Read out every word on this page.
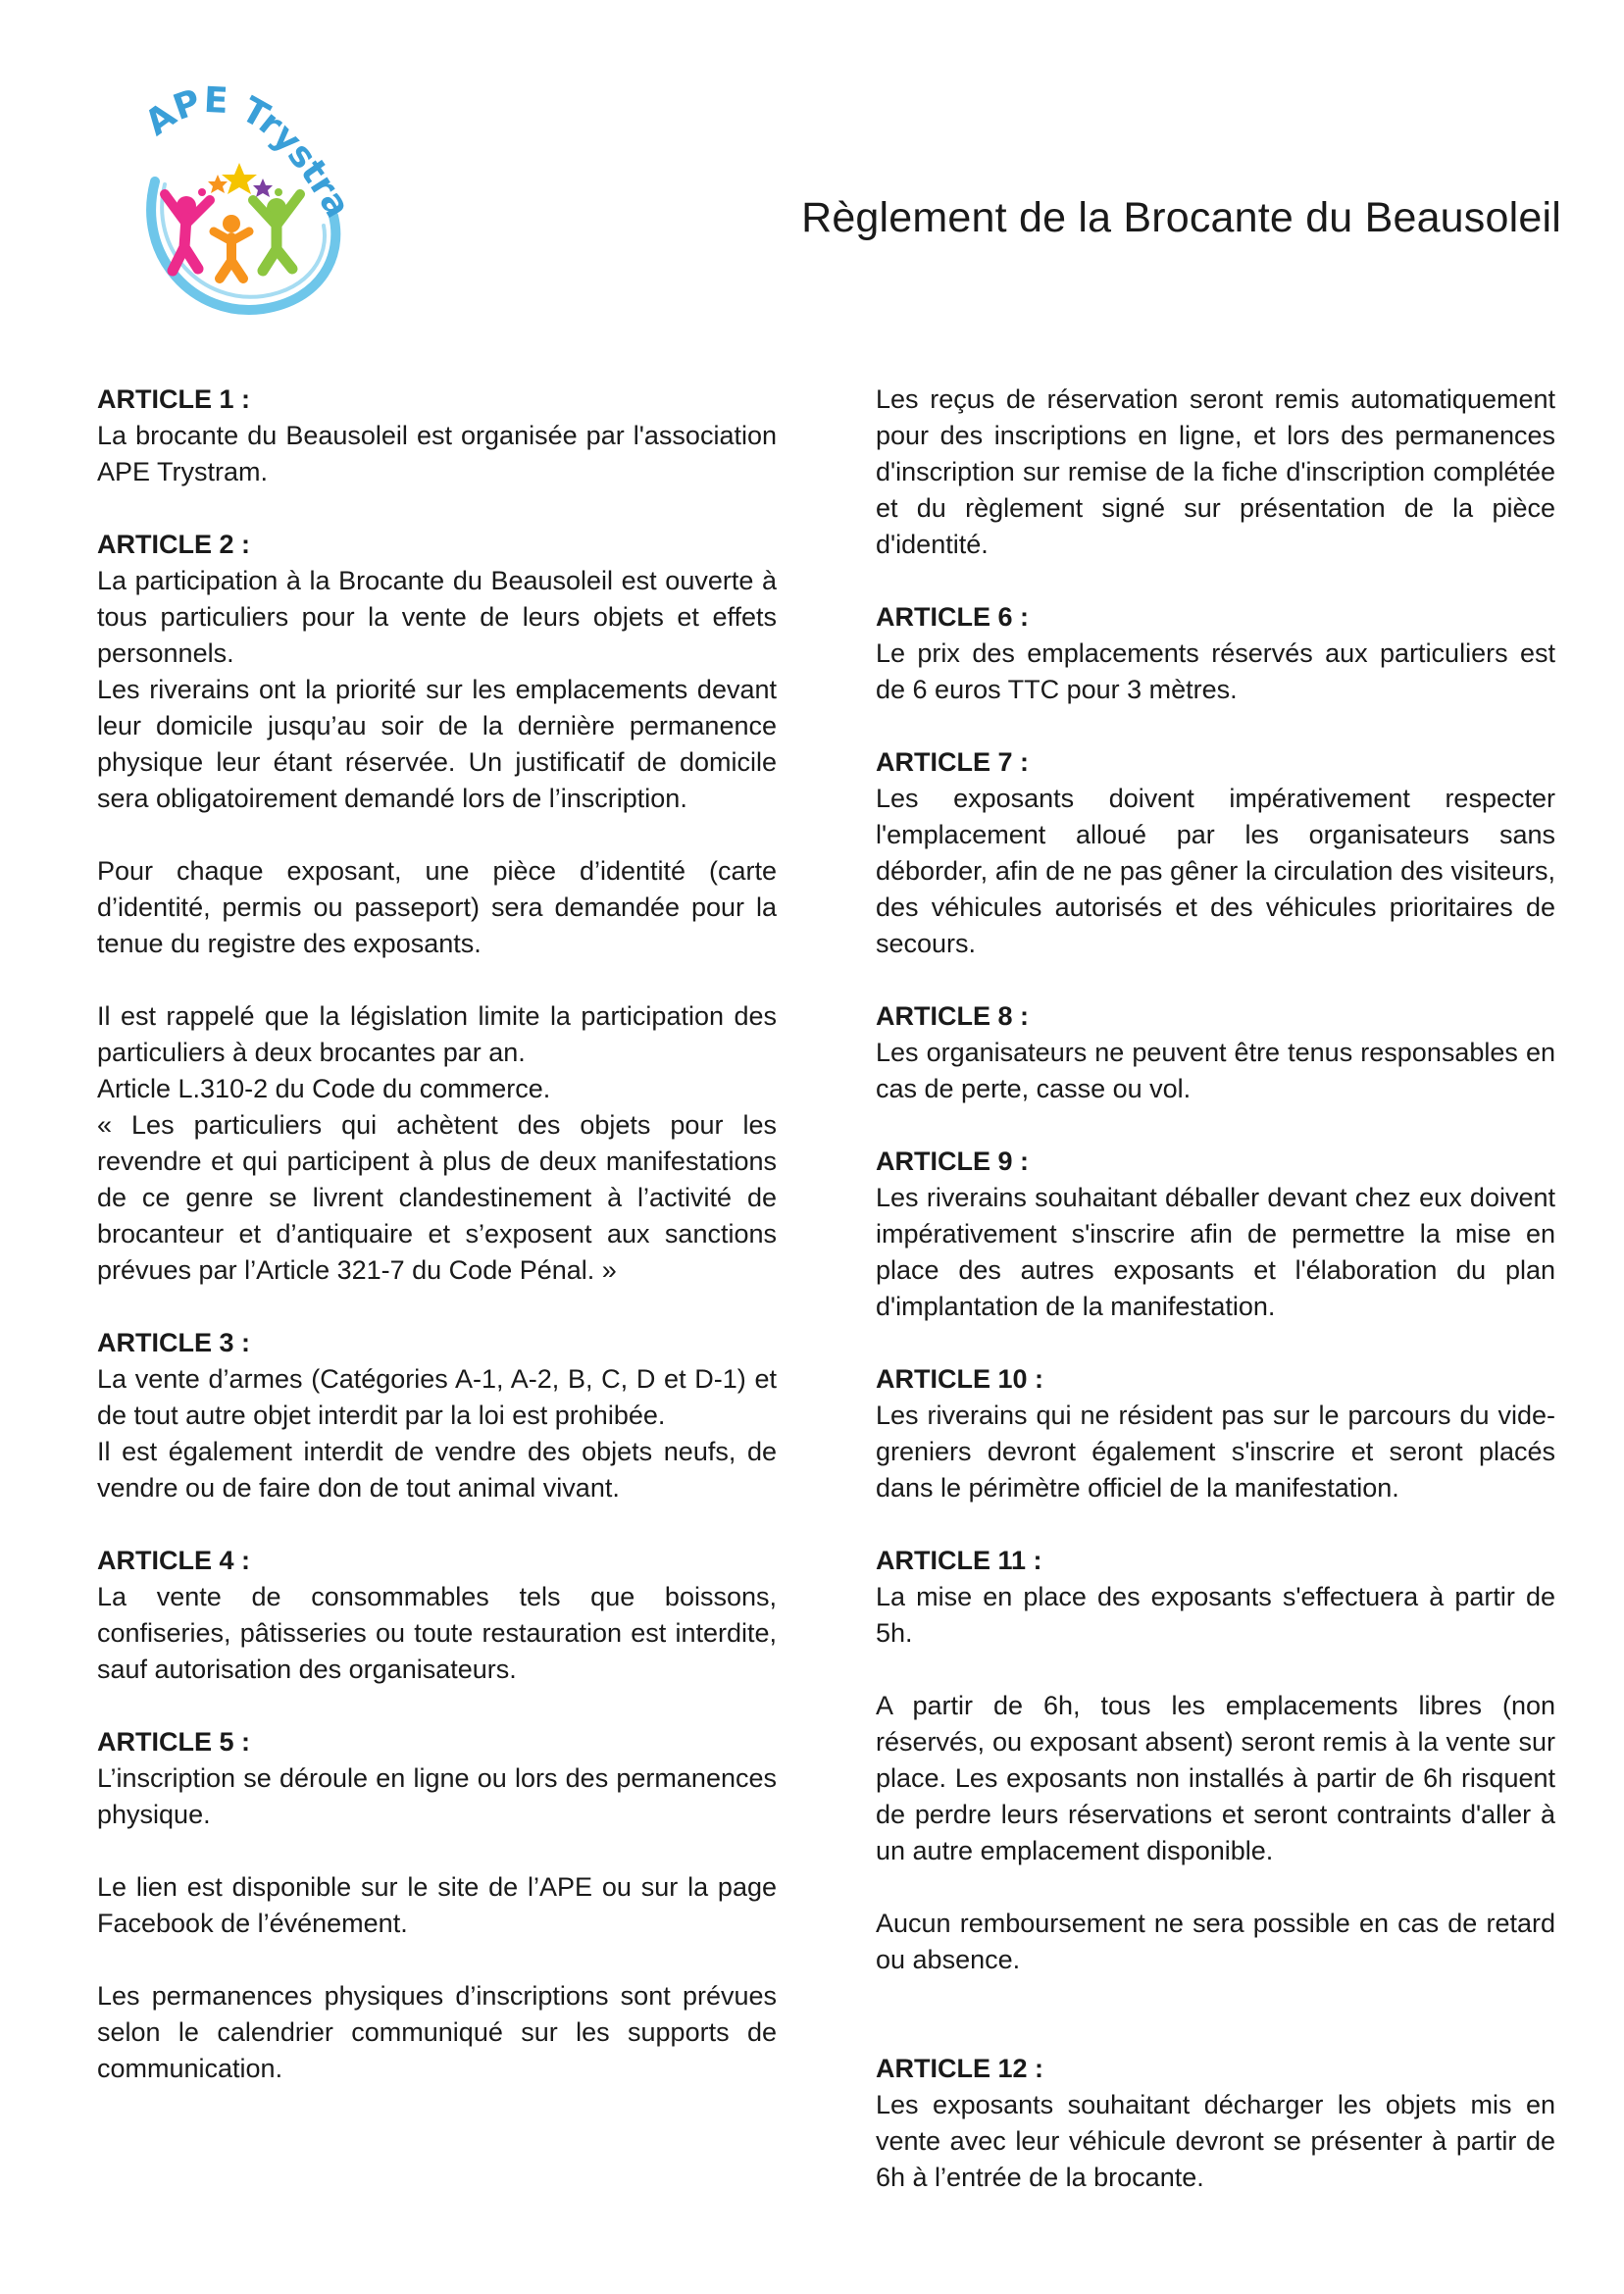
APE Trystr
Règlement de la Brocante du Beausoleil
ARTICLE 1 :

La brocante du Beausoleil est organisée par l'association APE Trystram.

ARTICLE 2 :

La participation à la Brocante du Beausoleil est ouverte à tous particuliers pour la vente de leurs objets et effets personnels.

Les riverains ont la priorité sur les emplacements devant leur domicile jusqu’au soir de la dernière permanence physique leur étant réservée. Un justificatif de domicile sera obligatoirement demandé lors de l’inscription.

Pour chaque exposant, une pièce d’identité (carte d’identité, permis ou passeport) sera demandée pour la tenue du registre des exposants.

Il est rappelé que la législation limite la participation des particuliers à deux brocantes par an.

Article L.310-2 du Code du commerce.

« Les particuliers qui achètent des objets pour les revendre et qui participent à plus de deux manifestations de ce genre se livrent clandestinement à l’activité de brocanteur et d’antiquaire et s’exposent aux sanctions prévues par l’Article 321-7 du Code Pénal. »

ARTICLE 3 :

La vente d’armes (Catégories A-1, A-2, B, C, D et D-1) et de tout autre objet interdit par la loi est prohibée.

Il est également interdit de vendre des objets neufs, de vendre ou de faire don de tout animal vivant.

ARTICLE 4 :

La vente de consommables tels que boissons, confiseries, pâtisseries ou toute restauration est interdite, sauf autorisation des organisateurs.

ARTICLE 5 :

L’inscription se déroule en ligne ou lors des permanences physique.

Le lien est disponible sur le site de l’APE ou sur la page Facebook de l’événement.

Les permanences physiques d’inscriptions sont prévues selon le calendrier communiqué sur les supports de communication.

Les reçus de réservation seront remis automatiquement pour des inscriptions en ligne, et lors des permanences d'inscription sur remise de la fiche d'inscription complétée et du règlement signé sur présentation de la pièce d'identité.

ARTICLE 6 :

Le prix des emplacements réservés aux particuliers est de 6 euros TTC pour 3 mètres.

ARTICLE 7 :

Les exposants doivent impérativement respecter l'emplacement alloué par les organisateurs sans déborder, afin de ne pas gêner la circulation des visiteurs, des véhicules autorisés et des véhicules prioritaires de secours.

ARTICLE 8 :

Les organisateurs ne peuvent être tenus responsables en cas de perte, casse ou vol.

ARTICLE 9 :

Les riverains souhaitant déballer devant chez eux doivent impérativement s'inscrire afin de permettre la mise en place des autres exposants et l'élaboration du plan d'implantation de la manifestation.

ARTICLE 10 :

Les riverains qui ne résident pas sur le parcours du vide-greniers devront également s'inscrire et seront placés dans le périmètre officiel de la manifestation.

ARTICLE 11 :

La mise en place des exposants s'effectuera à partir de 5h.

A partir de 6h, tous les emplacements libres (non réservés, ou exposant absent) seront remis à la vente sur place. Les exposants non installés à partir de 6h risquent de perdre leurs réservations et seront contraints d'aller à un autre emplacement disponible.

Aucun remboursement ne sera possible en cas de retard ou absence.

ARTICLE 12 :

Les exposants souhaitant décharger les objets mis en vente avec leur véhicule devront se présenter à partir de 6h à l’entrée de la brocante.
